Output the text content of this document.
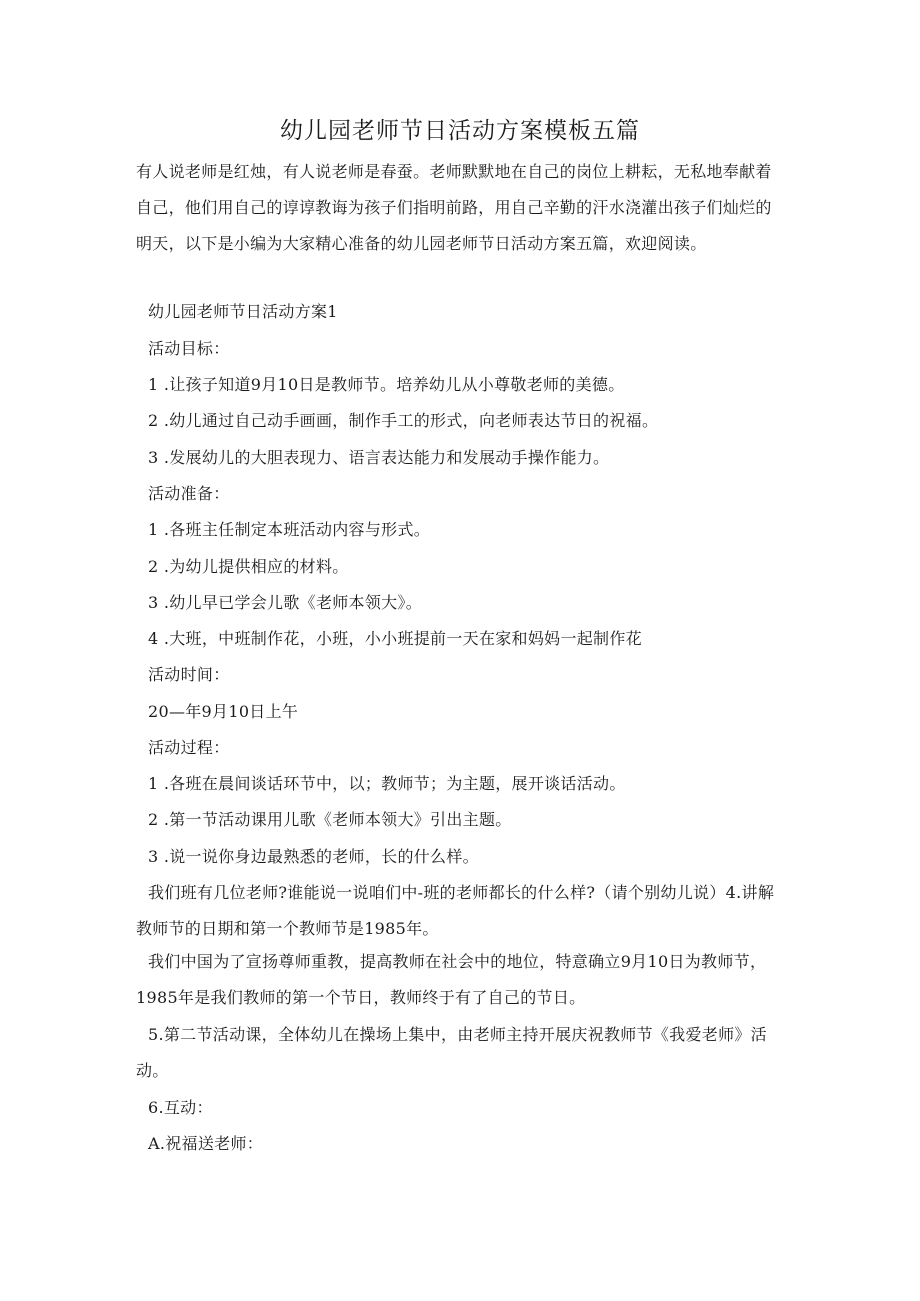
幼儿园老师节日活动方案模板五篇
有人说老师是红烛，有人说老师是春蚕。老师默默地在自己的岗位上耕耘，无私地奉献着自己，他们用自己的谆谆教诲为孩子们指明前路，用自己辛勤的汗水浇灌出孩子们灿烂的明天，以下是小编为大家精心准备的幼儿园老师节日活动方案五篇，欢迎阅读。
幼儿园老师节日活动方案1
活动目标：
1 .让孩子知道9月10日是教师节。培养幼儿从小尊敬老师的美德。
2 .幼儿通过自己动手画画，制作手工的形式，向老师表达节日的祝福。
3 .发展幼儿的大胆表现力、语言表达能力和发展动手操作能力。
活动准备：
1 .各班主任制定本班活动内容与形式。
2 .为幼儿提供相应的材料。
3 .幼儿早已学会儿歌《老师本领大》。
4 .大班，中班制作花，小班，小小班提前一天在家和妈妈一起制作花
活动时间：
20—年9月10日上午
活动过程：
1 .各班在晨间谈话环节中，以；教师节；为主题，展开谈话活动。
2 .第一节活动课用儿歌《老师本领大》引出主题。
3 .说一说你身边最熟悉的老师，长的什么样。
我们班有几位老师?谁能说一说咱们中-班的老师都长的什么样?（请个别幼儿说）4.讲解教师节的日期和第一个教师节是1985年。
我们中国为了宣扬尊师重教，提高教师在社会中的地位，特意确立9月10日为教师节，1985年是我们教师的第一个节日，教师终于有了自己的节日。
5.第二节活动课，全体幼儿在操场上集中，由老师主持开展庆祝教师节《我爱老师》活动。
6.互动：
A.祝福送老师：
